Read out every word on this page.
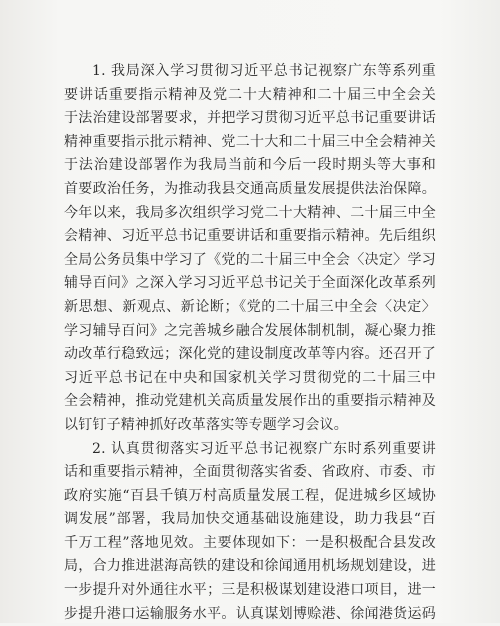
1. 我局深入学习贯彻习近平总书记视察广东等系列重
要讲话重要指示精神及党二十大精神和二十届三中全会关
于法治建设部署要求，并把学习贯彻习近平总书记重要讲话
精神重要指示批示精神、党二十大和二十届三中全会精神关
于法治建设部署作为我局当前和今后一段时期头等大事和
首要政治任务，为推动我县交通高质量发展提供法治保障。
今年以来，我局多次组织学习党二十大精神、二十届三中全
会精神、习近平总书记重要讲话和重要指示精神。先后组织
全局公务员集中学习了《党的二十届三中全会〈决定〉学习
辅导百问》之深入学习习近平总书记关于全面深化改革系列
新思想、新观点、新论断；《党的二十届三中全会〈决定〉
学习辅导百问》之完善城乡融合发展体制机制，凝心聚力推
动改革行稳致远；深化党的建设制度改革等内容。还召开了
习近平总书记在中央和国家机关学习贯彻党的二十届三中
全会精神，推动党建机关高质量发展作出的重要指示精神及
以钉钉子精神抓好改革落实等专题学习会议。
2. 认真贯彻落实习近平总书记视察广东时系列重要讲
话和重要指示精神，全面贯彻落实省委、省政府、市委、市
政府实施“百县千镇万村高质量发展工程，促进城乡区域协
调发展”部署，我局加快交通基础设施建设，助力我县“百
千万工程”落地见效。主要体现如下：一是积极配合县发改
局，合力推进湛海高铁的建设和徐闻通用机场规划建设，进
一步提升对外通往水平；三是积极谋划建设港口项目，进一
步提升港口运输服务水平。认真谋划博赊港、徐闻港货运码
